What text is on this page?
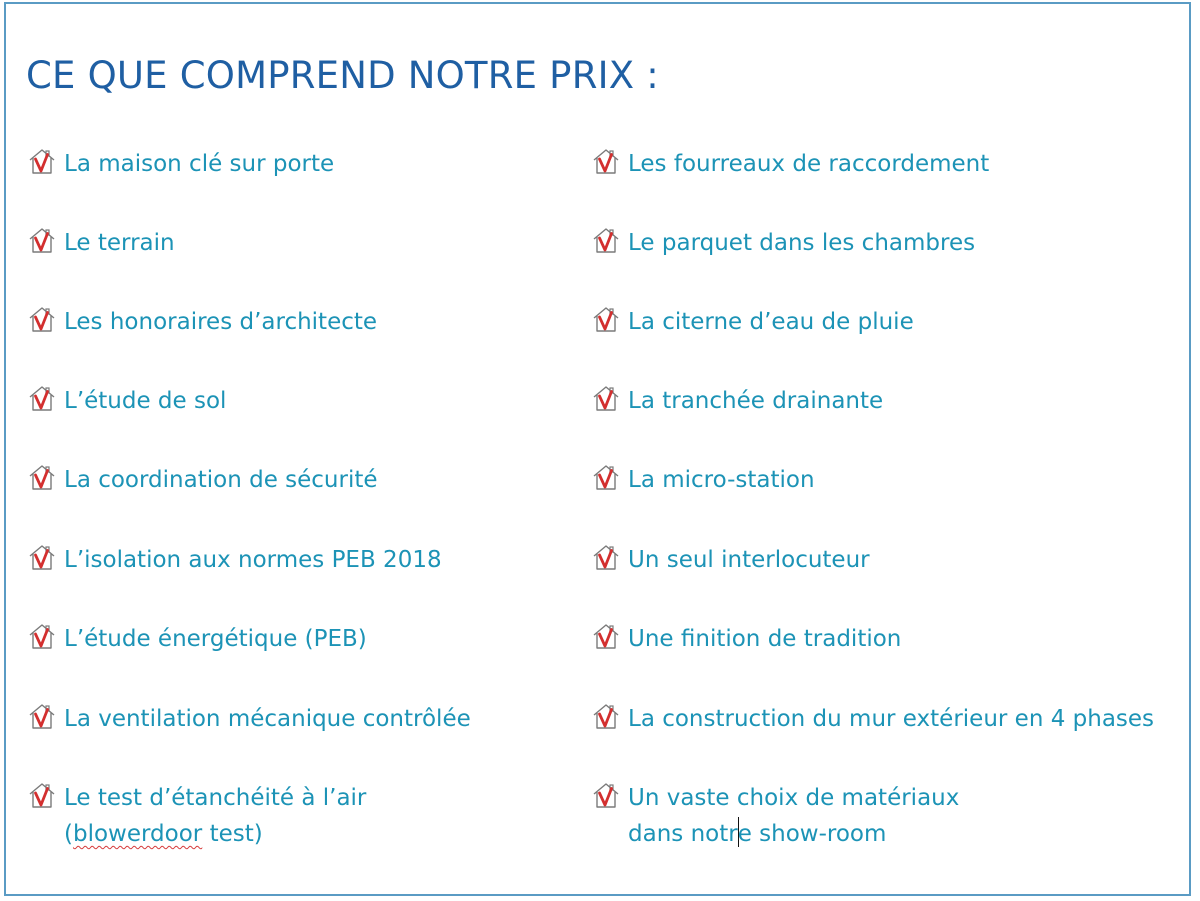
CE QUE COMPREND NOTRE PRIX :
La maison clé sur porte
Le terrain
Les honoraires d’architecte
L’étude de sol
La coordination de sécurité
L’isolation aux normes PEB 2018
L’étude énergétique (PEB)
La ventilation mécanique contrôlée
Le test d’étanchéité à l’air
(blowerdoor test)
Les fourreaux de raccordement
Le parquet dans les chambres
La citerne d’eau de pluie
La tranchée drainante
La micro-station
Un seul interlocuteur
Une finition de tradition
La construction du mur extérieur en 4 phases
Un vaste choix de matériaux
dans notre show-room
